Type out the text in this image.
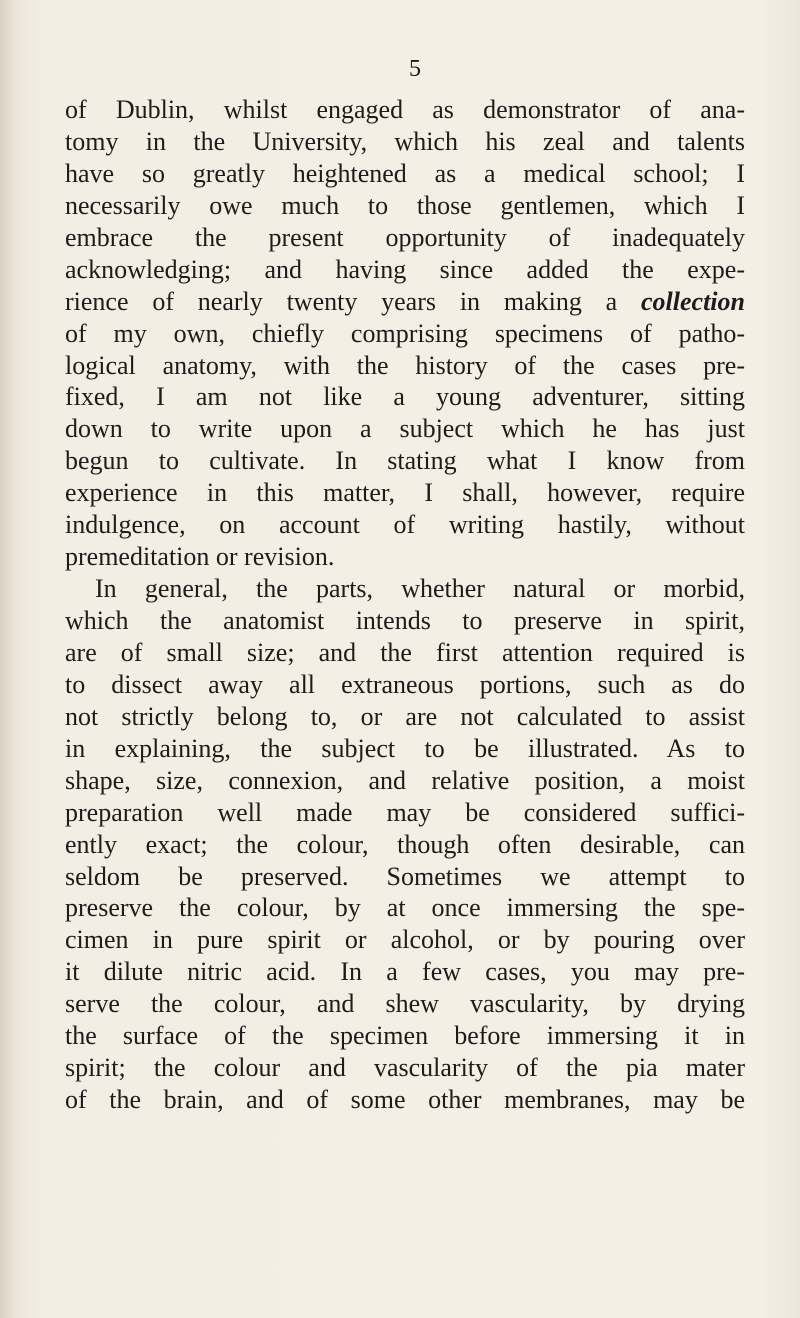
5
of Dublin, whilst engaged as demonstrator of ana-
tomy in the University, which his zeal and talents
have so greatly heightened as a medical school; I
necessarily owe much to those gentlemen, which I
embrace the present opportunity of inadequately
acknowledging; and having since added the expe-
rience of nearly twenty years in making a collection
of my own, chiefly comprising specimens of patho-
logical anatomy, with the history of the cases pre-
fixed, I am not like a young adventurer, sitting
down to write upon a subject which he has just
begun to cultivate. In stating what I know from
experience in this matter, I shall, however, require
indulgence, on account of writing hastily, without
premeditation or revision.
In general, the parts, whether natural or morbid,
which the anatomist intends to preserve in spirit,
are of small size; and the first attention required is
to dissect away all extraneous portions, such as do
not strictly belong to, or are not calculated to assist
in explaining, the subject to be illustrated. As to
shape, size, connexion, and relative position, a moist
preparation well made may be considered suffici-
ently exact; the colour, though often desirable, can
seldom be preserved. Sometimes we attempt to
preserve the colour, by at once immersing the spe-
cimen in pure spirit or alcohol, or by pouring over
it dilute nitric acid. In a few cases, you may pre-
serve the colour, and shew vascularity, by drying
the surface of the specimen before immersing it in
spirit; the colour and vascularity of the pia mater
of the brain, and of some other membranes, may be
